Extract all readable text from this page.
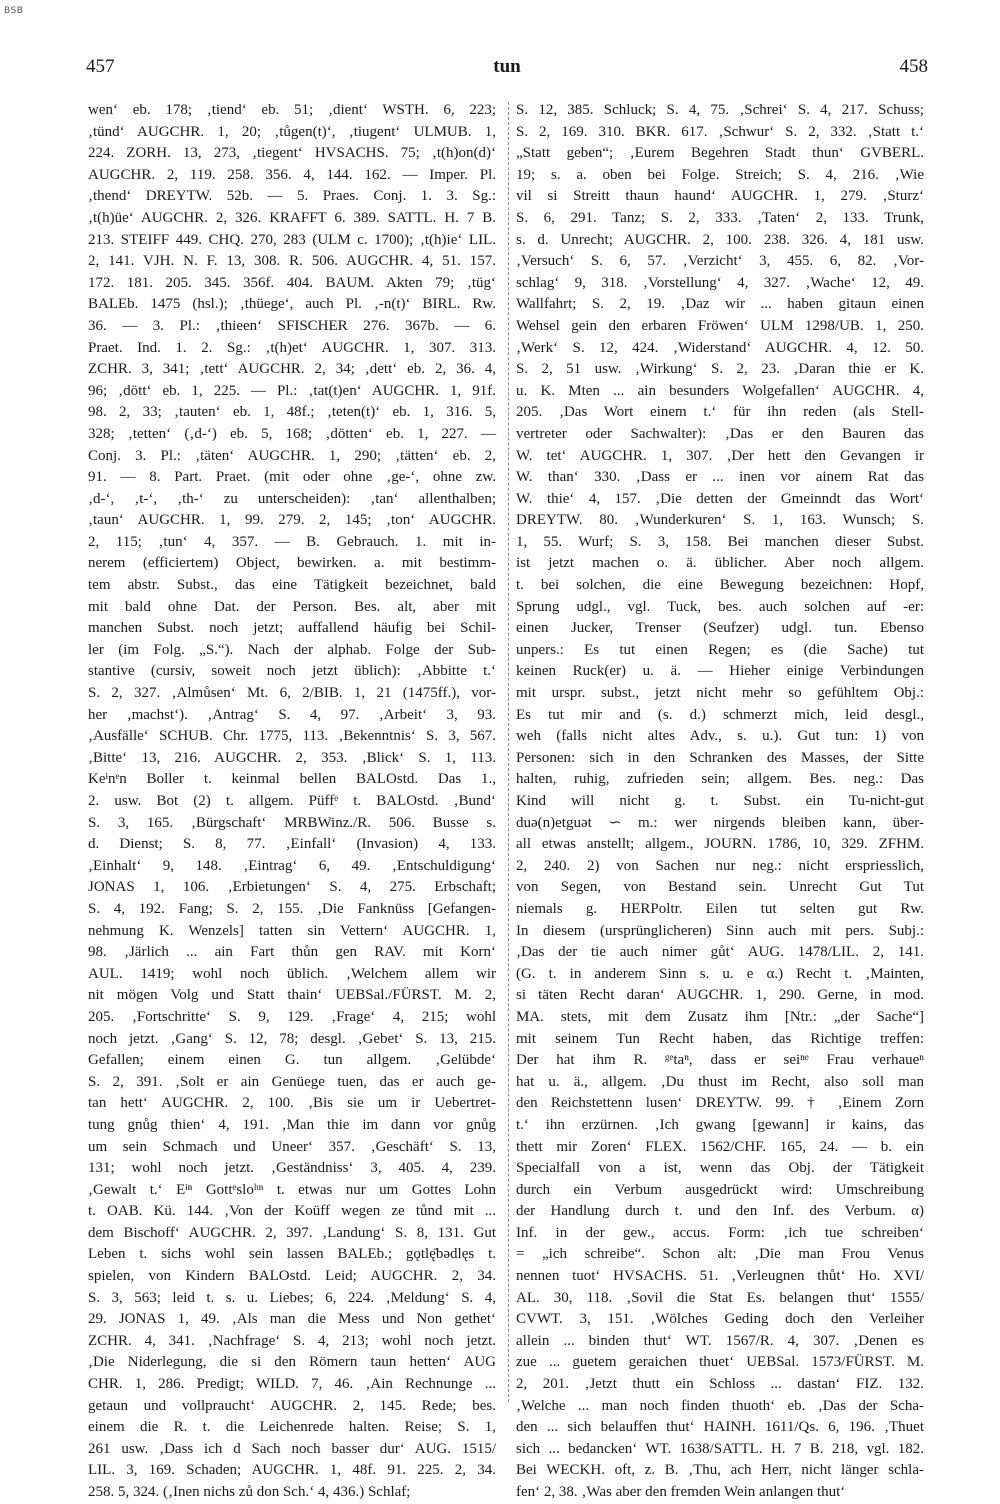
BSB
457	tun	458
wen‘ eb. 178; ‚tiend‘ eb. 51; ‚dient‘ WSTH. 6, 223;
‚tünd‘ AUGCHR. 1, 20; ‚tůgen(t)‘, ‚tiugent‘ ULMUB. 1,
224. ZORH. 13, 273, ‚tiegent‘ HVSACHS. 75; ‚t(h)on(d)‘
AUGCHR. 2, 119. 258. 356. 4, 144. 162. — Imper. Pl.
‚thend‘ DREYTW. 52b. — 5. Praes. Conj. 1. 3. Sg.:
‚t(h)üe‘ AUGCHR. 2, 326. KRAFFT 6. 389. SATTL. H. 7 B.
213. STEIFF 449. CHQ. 270, 283 (ULM c. 1700); ‚t(h)ie‘ LIL.
2, 141. VJH. N. F. 13, 308. R. 506. AUGCHR. 4, 51. 157.
172. 181. 205. 345. 356f. 404. BAUM. Akten 79; ‚tüg‘
BALEb. 1475 (hsl.); ‚thüege‘, auch Pl. ‚-n(t)‘ BIRL. Rw.
36. — 3. Pl.: ‚thieen‘ SFISCHER 276. 367b. — 6.
Praet. Ind. 1. 2. Sg.: ‚t(h)et‘ AUGCHR. 1, 307. 313.
ZCHR. 3, 341; ‚tett‘ AUGCHR. 2, 34; ‚dett‘ eb. 2, 36. 4,
96; ‚dött‘ eb. 1, 225. — Pl.: ‚tat(t)en‘ AUGCHR. 1, 91f.
98. 2, 33; ‚tauten‘ eb. 1, 48f.; ‚teten(t)‘ eb. 1, 316. 5,
328; ‚tetten‘ (‚d-‘) eb. 5, 168; ‚dötten‘ eb. 1, 227. —
Conj. 3. Pl.: ‚täten‘ AUGCHR. 1, 290; ‚tätten‘ eb. 2,
91. — 8. Part. Praet. (mit oder ohne ‚ge-‘, ohne zw.
‚d-‘, ‚t-‘, ‚th-‘ zu unterscheiden): ‚tan‘ allenthalben;
‚taun‘ AUGCHR. 1, 99. 279. 2, 145; ‚ton‘ AUGCHR.
2, 115; ‚tun‘ 4, 357. — B. Gebrauch. 1. mit in-
nerem (efficiertem) Object, bewirken. a. mit bestimm-
tem abstr. Subst., das eine Tätigkeit bezeichnet, bald
mit bald ohne Dat. der Person. Bes. alt, aber mit
manchen Subst. noch jetzt; auffallend häufig bei Schil-
ler (im Folg. „S.“). Nach der alphab. Folge der Sub-
stantive (cursiv, soweit noch jetzt üblich): ‚Abbitte t.‘
S. 2, 327. ‚Almůsen‘ Mt. 6, 2/BIB. 1, 21 (1475ff.), vor-
her ‚machst‘). ‚Antrag‘ S. 4, 97. ‚Arbeit‘ 3, 93.
‚Ausfälle‘ SCHUB. Chr. 1775, 113. ‚Bekenntnis‘ S. 3, 567.
‚Bitte‘ 13, 216. AUGCHR. 2, 353. ‚Blick‘ S. 1, 113.
Keᶤnᵉn Boller t. keinmal bellen BALOstd. Das 1.,
2. usw. Bot (2) t. allgem. Püffᵉ t. BALOstd. ‚Bund‘
S. 3, 165. ‚Bürgschaft‘ MRBWinz./R. 506. Busse s.
d. Dienst; S. 8, 77. ‚Einfall‘ (Invasion) 4, 133.
‚Einhalt‘ 9, 148. ‚Eintrag‘ 6, 49. ‚Entschuldigung‘
JONAS 1, 106. ‚Erbietungen‘ S. 4, 275. Erbschaft;
S. 4, 192. Fang; S. 2, 155. ‚Die Fanknüss [Gefangen-
nehmung K. Wenzels] tatten sin Vettern‘ AUGCHR. 1,
98. ‚Järlich ... ain Fart thůn gen RAV. mit Korn‘
AUL. 1419; wohl noch üblich. ‚Welchem allem wir
nit mögen Volg und Statt thain‘ UEBSal./FÜRST. M. 2,
205. ‚Fortschritte‘ S. 9, 129. ‚Frage‘ 4, 215; wohl
noch jetzt. ‚Gang‘ S. 12, 78; desgl. ‚Gebet‘ S. 13, 215.
Gefallen; einem einen G. tun allgem. ‚Gelübde‘
S. 2, 391. ‚Solt er ain Genüege tuen, das er auch ge-
tan hett‘ AUGCHR. 2, 100. ‚Bis sie um ir Uebertret-
tung gnůg thien‘ 4, 191. ‚Man thie im dann vor gnůg
um sein Schmach und Uneer‘ 357. ‚Geschäft‘ S. 13,
131; wohl noch jetzt. ‚Geständniss‘ 3, 405. 4, 239.
‚Gewalt t.‘ Eᶤⁿ Gottᵉsloʰⁿ t. etwas nur um Gottes Lohn
t. OAB. Kü. 144. ‚Von der Koüff wegen ze tůnd mit ...
dem Bischoff‘ AUGCHR. 2, 397. ‚Landung‘ S. 8, 131. Gut
Leben t. sichs wohl sein lassen BALEb.; gǫtlę̄bədlęs t.
spielen, von Kindern BALOstd. Leid; AUGCHR. 2, 34.
S. 3, 563; leid t. s. u. Liebes; 6, 224. ‚Meldung‘ S. 4,
29. JONAS 1, 49. ‚Als man die Mess und Non gethet‘
ZCHR. 4, 341. ‚Nachfrage‘ S. 4, 213; wohl noch jetzt.
‚Die Niderlegung, die si den Römern taun hetten‘ AUG
CHR. 1, 286. Predigt; WILD. 7, 46. ‚Ain Rechnunge ...
getaun und vollpraucht‘ AUGCHR. 2, 145. Rede; bes.
einem die R. t. die Leichenrede halten. Reise; S. 1,
261 usw. ‚Dass ich d Sach noch basser dur‘ AUG. 1515/
LIL. 3, 169. Schaden; AUGCHR. 1, 48f. 91. 225. 2, 34.
258. 5, 324. (‚Inen nichs zů don Sch.‘ 4, 436.) Schlaf;
S. 12, 385. Schluck; S. 4, 75. ‚Schrei‘ S. 4, 217. Schuss;
S. 2, 169. 310. BKR. 617. ‚Schwur‘ S. 2, 332. ‚Statt t.‘
„Statt geben“; ‚Eurem Begehren Stadt thun‘ GVBERL.
19; s. a. oben bei Folge. Streich; S. 4, 216. ‚Wie
vil si Streitt thaun haund‘ AUGCHR. 1, 279. ‚Sturz‘
S. 6, 291. Tanz; S. 2, 333. ‚Taten‘ 2, 133. Trunk,
s. d. Unrecht; AUGCHR. 2, 100. 238. 326. 4, 181 usw.
‚Versuch‘ S. 6, 57. ‚Verzicht‘ 3, 455. 6, 82. ‚Vor-
schlag‘ 9, 318. ‚Vorstellung‘ 4, 327. ‚Wache‘ 12, 49.
Wallfahrt; S. 2, 19. ‚Daz wir ... haben gitaun einen
Wehsel gein den erbaren Fröwen‘ ULM 1298/UB. 1, 250.
‚Werk‘ S. 12, 424. ‚Widerstand‘ AUGCHR. 4, 12. 50.
S. 2, 51 usw. ‚Wirkung‘ S. 2, 23. ‚Daran thie er K.
u. K. Mten ... ain besunders Wolgefallen‘ AUGCHR. 4,
205. ‚Das Wort einem t.‘ für ihn reden (als Stell-
vertreter oder Sachwalter): ‚Das er den Bauren das
W. tet‘ AUGCHR. 1, 307. ‚Der hett den Gevangen ir
W. than‘ 330. ‚Dass er ... inen vor ainem Rat das
W. thie‘ 4, 157. ‚Die detten der Gmeinndt das Wort‘
DREYTW. 80. ‚Wunderkuren‘ S. 1, 163. Wunsch; S.
1, 55. Wurf; S. 3, 158. Bei manchen dieser Subst.
ist jetzt machen o. ä. üblicher. Aber noch allgem.
t. bei solchen, die eine Bewegung bezeichnen: Hopf,
Sprung udgl., vgl. Tuck, bes. auch solchen auf -er:
einen Jucker, Trenser (Seufzer) udgl. tun. Ebenso
unpers.: Es tut einen Regen; es (die Sache) tut
keinen Ruck(er) u. ä. — Hieher einige Verbindungen
mit urspr. subst., jetzt nicht mehr so gefühltem Obj.:
Es tut mir and (s. d.) schmerzt mich, leid desgl.,
weh (falls nicht altes Adv., s. u.). Gut tun: 1) von
Personen: sich in den Schranken des Masses, der Sitte
halten, ruhig, zufrieden sein; allgem. Bes. neg.: Das
Kind will nicht g. t. Subst. ein Tu-nicht-gut
duə(n)etguət ∽ m.: wer nirgends bleiben kann, über-
all etwas anstellt; allgem., JOURN. 1786, 10, 329. ZFHM.
2, 240. 2) von Sachen nur neg.: nicht erspriesslich,
von Segen, von Bestand sein. Unrecht Gut Tut
niemals g. HERPoltr. Eilen tut selten gut Rw.
In diesem (ursprünglicheren) Sinn auch mit pers. Subj.:
‚Das der tie auch nimer gůt‘ AUG. 1478/LIL. 2, 141.
(G. t. in anderem Sinn s. u. e α.) Recht t. ‚Mainten,
si täten Recht daran‘ AUGCHR. 1, 290. Gerne, in mod.
MA. stets, mit dem Zusatz ihm [Ntr.: „der Sache“]
mit seinem Tun Recht haben, das Richtige treffen:
Der hat ihm R. ᵍᵉtaⁿ, dass er seiⁿᵉ Frau verhaueⁿ
hat u. ä., allgem. ‚Du thust im Recht, also soll man
den Reichstettenn lusen‘ DREYTW. 99. † ‚Einem Zorn
t.‘ ihn erzürnen. ‚Ich gwang [gewann] ir kains, das
thett mir Zoren‘ FLEX. 1562/CHF. 165, 24. — b. ein
Specialfall von a ist, wenn das Obj. der Tätigkeit
durch ein Verbum ausgedrückt wird: Umschreibung
der Handlung durch t. und den Inf. des Verbum. α)
Inf. in der gew., accus. Form: ‚ich tue schreiben‘
= „ich schreibe“. Schon alt: ‚Die man Frou Venus
nennen tuot‘ HVSACHS. 51. ‚Verleugnen thůt‘ Ho. XVI/
AL. 30, 118. ‚Sovil die Stat Es. belangen thut‘ 1555/
CVWT. 3, 151. ‚Wölches Geding doch den Verleiher
allein ... binden thut‘ WT. 1567/R. 4, 307. ‚Denen es
zue ... guetem geraichen thuet‘ UEBSal. 1573/FÜRST. M.
2, 201. ‚Jetzt thutt ein Schloss ... dastan‘ FIZ. 132.
‚Welche ... man noch finden thuoth‘ eb. ‚Das der Scha-
den ... sich belauffen thut‘ HAINH. 1611/Qs. 6, 196. ‚Thuet
sich ... bedancken‘ WT. 1638/SATTL. H. 7 B. 218, vgl. 182.
Bei WECKH. oft, z. B. ‚Thu, ach Herr, nicht länger schla-
fen‘ 2, 38. ‚Was aber den fremden Wein anlangen thut‘
